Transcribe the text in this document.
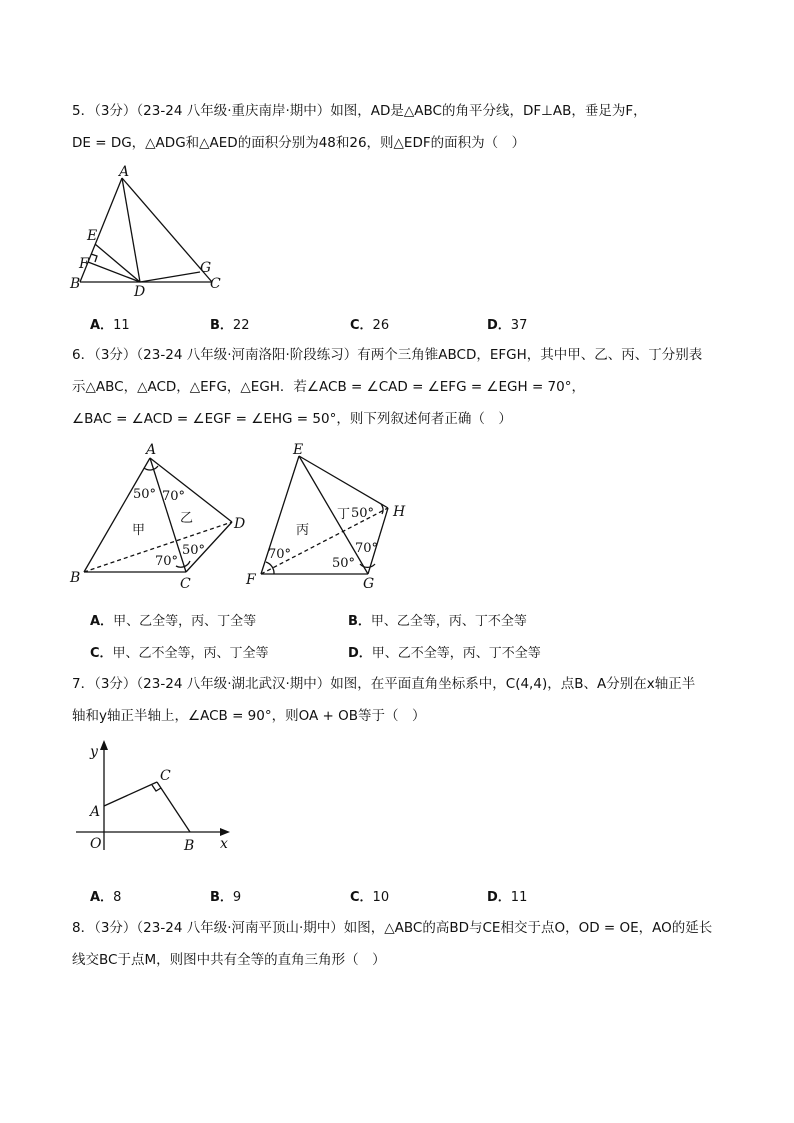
5．（3分）（23-24 八年级·重庆南岸·期中）如图，AD是△ABC的角平分线，DF⊥AB，垂足为F，
DE = DG，△ADG和△AED的面积分别为48和26，则△EDF的面积为（　）
A
E
F
B	D
G
C
A．11	B．22	C．26	D．37
6．（3分）（23-24 八年级·河南洛阳·阶段练习）有两个三角锥ABCD，EFGH，其中甲、乙、丙、丁分别表
示△ABC，△ACD，△EFG，△EGH．若∠ACB = ∠CAD = ∠EFG = ∠EGH = 70°，
∠BAC = ∠ACD = ∠EGF = ∠EHG = 50°，则下列叙述何者正确（　）
A
B	C
D
E
F	G
H
50° 70°
70°
50°
甲
乙
丙
丁 50°
70°
50°
70°
A．甲、乙全等，丙、丁全等	B．甲、乙全等，丙、丁不全等
C．甲、乙不全等，丙、丁全等	D．甲、乙不全等，丙、丁不全等
7．（3分）（23-24 八年级·湖北武汉·期中）如图，在平面直角坐标系中，C(4,4)，点B、A分别在x轴正半
轴和y轴正半轴上，∠ACB = 90°，则OA + OB等于（　）
y
C
A
O	B x
A．8	B．9	C．10	D．11
8．（3分）（23-24 八年级·河南平顶山·期中）如图，△ABC的高BD与CE相交于点O，OD = OE，AO的延长
线交BC于点M，则图中共有全等的直角三角形（　）
